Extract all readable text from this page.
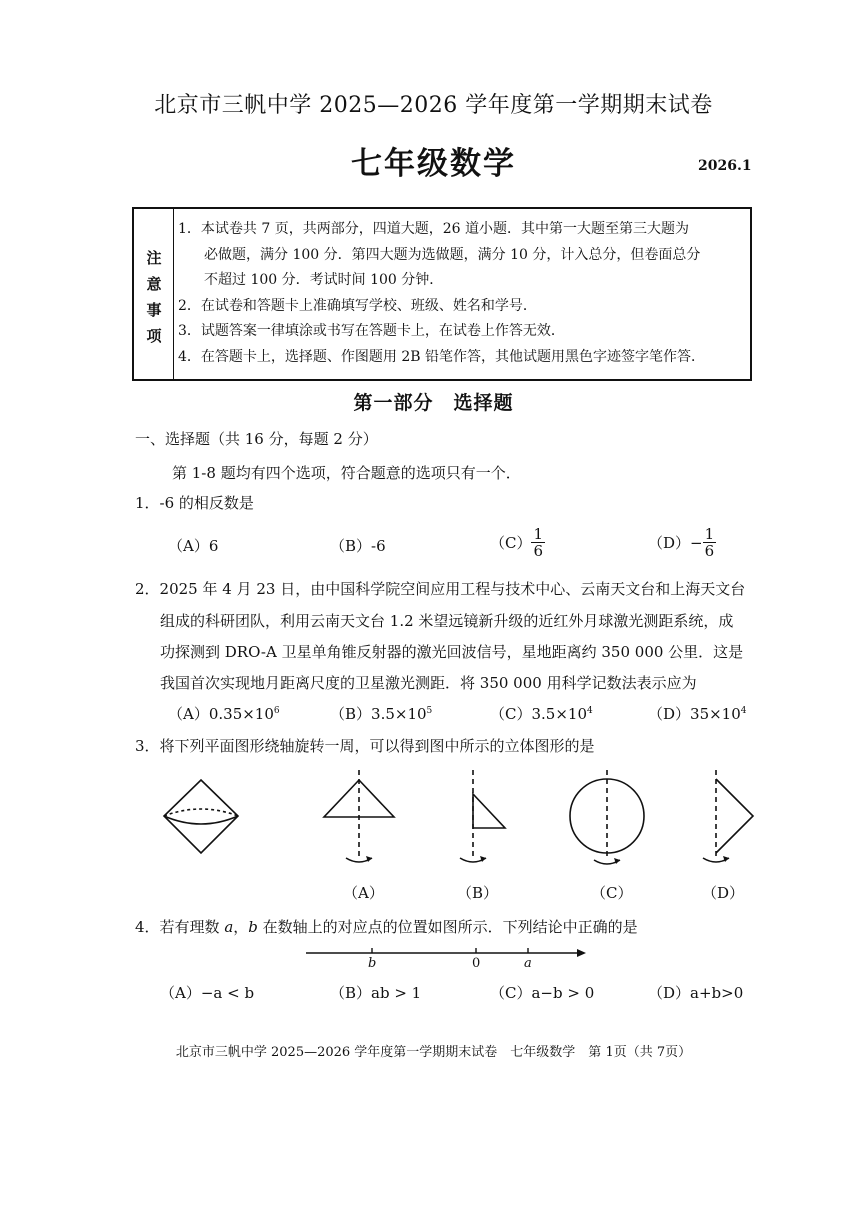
北京市三帆中学 2025—2026 学年度第一学期期末试卷
七年级数学	2026.1
注
意
事
项
1．本试卷共 7 页，共两部分，四道大题，26 道小题．其中第一大题至第三大题为
必做题，满分 100 分．第四大题为选做题，满分 10 分，计入总分，但卷面总分
不超过 100 分．考试时间 100 分钟．
2．在试卷和答题卡上准确填写学校、班级、姓名和学号．
3．试题答案一律填涂或书写在答题卡上，在试卷上作答无效．
4．在答题卡上，选择题、作图题用 2B 铅笔作答，其他试题用黑色字迹签字笔作答．
第一部分　选择题
一、选择题（共 16 分，每题 2 分）
第 1-8 题均有四个选项，符合题意的选项只有一个．
1．-6 的相反数是
（A）6	（B）-6	$(C) \frac{1}{6}$	$(D)- \frac{1}{6}$
2．2025 年 4 月 23 日，由中国科学院空间应用工程与技术中心、云南天文台和上海天文台
组成的科研团队，利用云南天文台 1.2 米望远镜新升级的近红外月球激光测距系统，成
功探测到 DRO-A 卫星单角锥反射器的激光回波信号，星地距离约 350 000 公里．这是
我国首次实现地月距离尺度的卫星激光测距．将 350 000 用科学记数法表示应为
$(A)0.35\times 10^6$	$(B)3.5\times 10^5$	$(C)3.5\times 10^4$	$(D)35\times 10^4$
3．将下列平面图形绕轴旋转一周，可以得到图中所示的立体图形的是
（A）	（B）	（C）	（D）
4．若有理数 a，b 在数轴上的对应点的位置如图所示．下列结论中正确的是
b	0	a
（A）−a < b	（B）ab > 1	（C）a−b > 0	（D）a+b>0
北京市三帆中学 2025—2026 学年度第一学期期末试卷　七年级数学　第 1页（共 7页）
